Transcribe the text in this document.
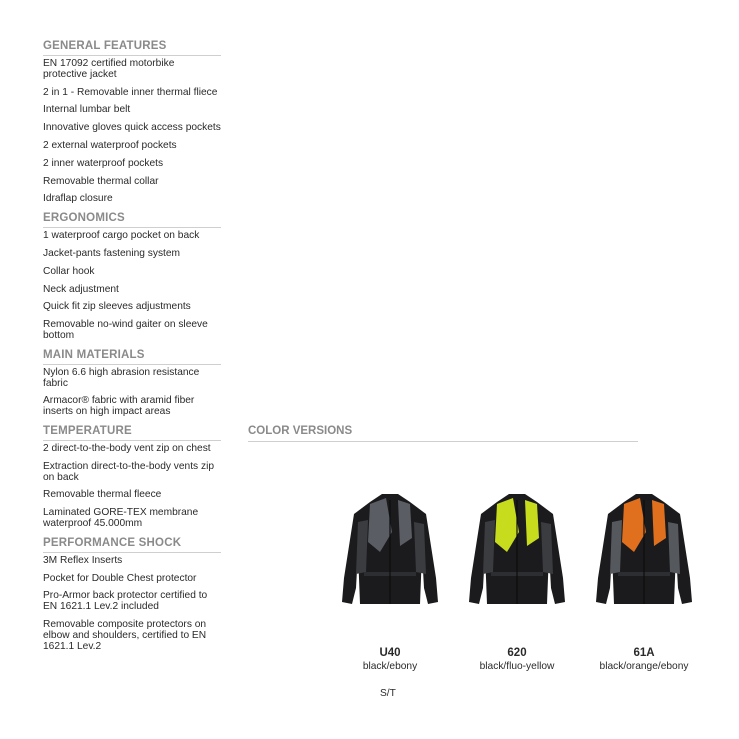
GENERAL FEATURES
EN 17092 certified motorbike protective jacket
2 in 1 - Removable inner thermal fliece
Internal lumbar belt
Innovative gloves quick access pockets
2 external waterproof pockets
2 inner waterproof pockets
Removable thermal collar
Idraflap closure
ERGONOMICS
1 waterproof cargo pocket on back
Jacket-pants fastening system
Collar hook
Neck adjustment
Quick fit zip sleeves adjustments
Removable no-wind gaiter on sleeve bottom
MAIN MATERIALS
Nylon 6.6 high abrasion resistance fabric
Armacor® fabric with aramid fiber inserts on high impact areas
TEMPERATURE
2 direct-to-the-body vent zip on chest
Extraction direct-to-the-body vents zip on back
Removable thermal fleece
Laminated GORE-TEX membrane waterproof 45.000mm
PERFORMANCE SHOCK
3M Reflex Inserts
Pocket for Double Chest protector
Pro-Armor back protector certified to EN 1621.1 Lev.2 included
Removable composite protectors on elbow and shoulders, certified to EN 1621.1 Lev.2
COLOR VERSIONS
U40
black/ebony
620
black/fluo-yellow
61A
black/orange/ebony
S/T
